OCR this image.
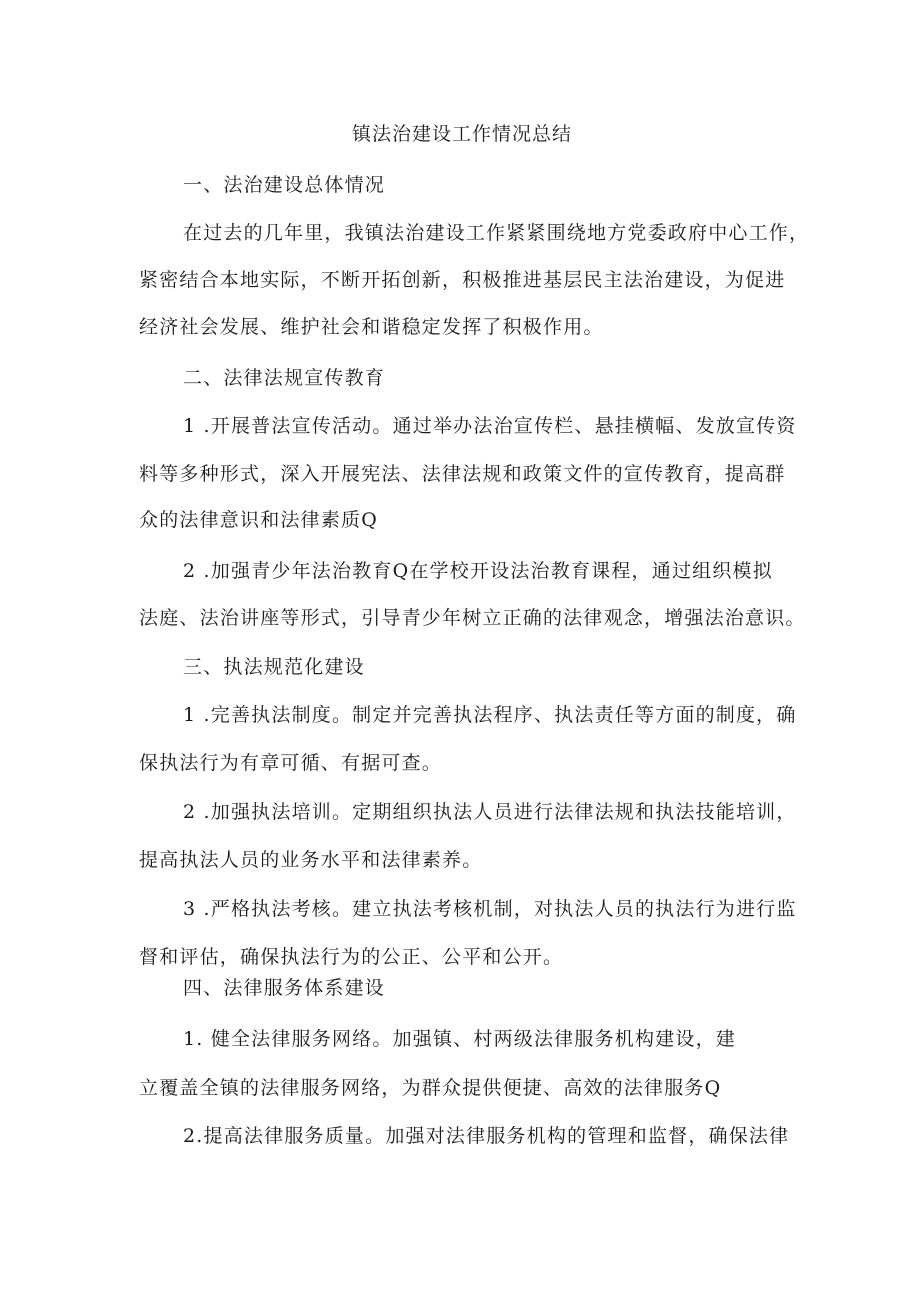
镇法治建设工作情况总结
一、法治建设总体情况
在过去的几年里，我镇法治建设工作紧紧围绕地方党委政府中心工作，
紧密结合本地实际，不断开拓创新，积极推进基层民主法治建设，为促进
经济社会发展、维护社会和谐稳定发挥了积极作用。
二、法律法规宣传教育
1 .开展普法宣传活动。通过举办法治宣传栏、悬挂横幅、发放宣传资
料等多种形式，深入开展宪法、法律法规和政策文件的宣传教育，提高群
众的法律意识和法律素质Q
2 .加强青少年法治教育Q在学校开设法治教育课程，通过组织模拟
法庭、法治讲座等形式，引导青少年树立正确的法律观念，增强法治意识。
三、执法规范化建设
1 .完善执法制度。制定并完善执法程序、执法责任等方面的制度，确
保执法行为有章可循、有据可查。
2 .加强执法培训。定期组织执法人员进行法律法规和执法技能培训，
提高执法人员的业务水平和法律素养。
3 .严格执法考核。建立执法考核机制，对执法人员的执法行为进行监
督和评估，确保执法行为的公正、公平和公开。
四、法律服务体系建设
1. 健全法律服务网络。加强镇、村两级法律服务机构建设，建
立覆盖全镇的法律服务网络，为群众提供便捷、高效的法律服务Q
2.提高法律服务质量。加强对法律服务机构的管理和监督，确保法律
